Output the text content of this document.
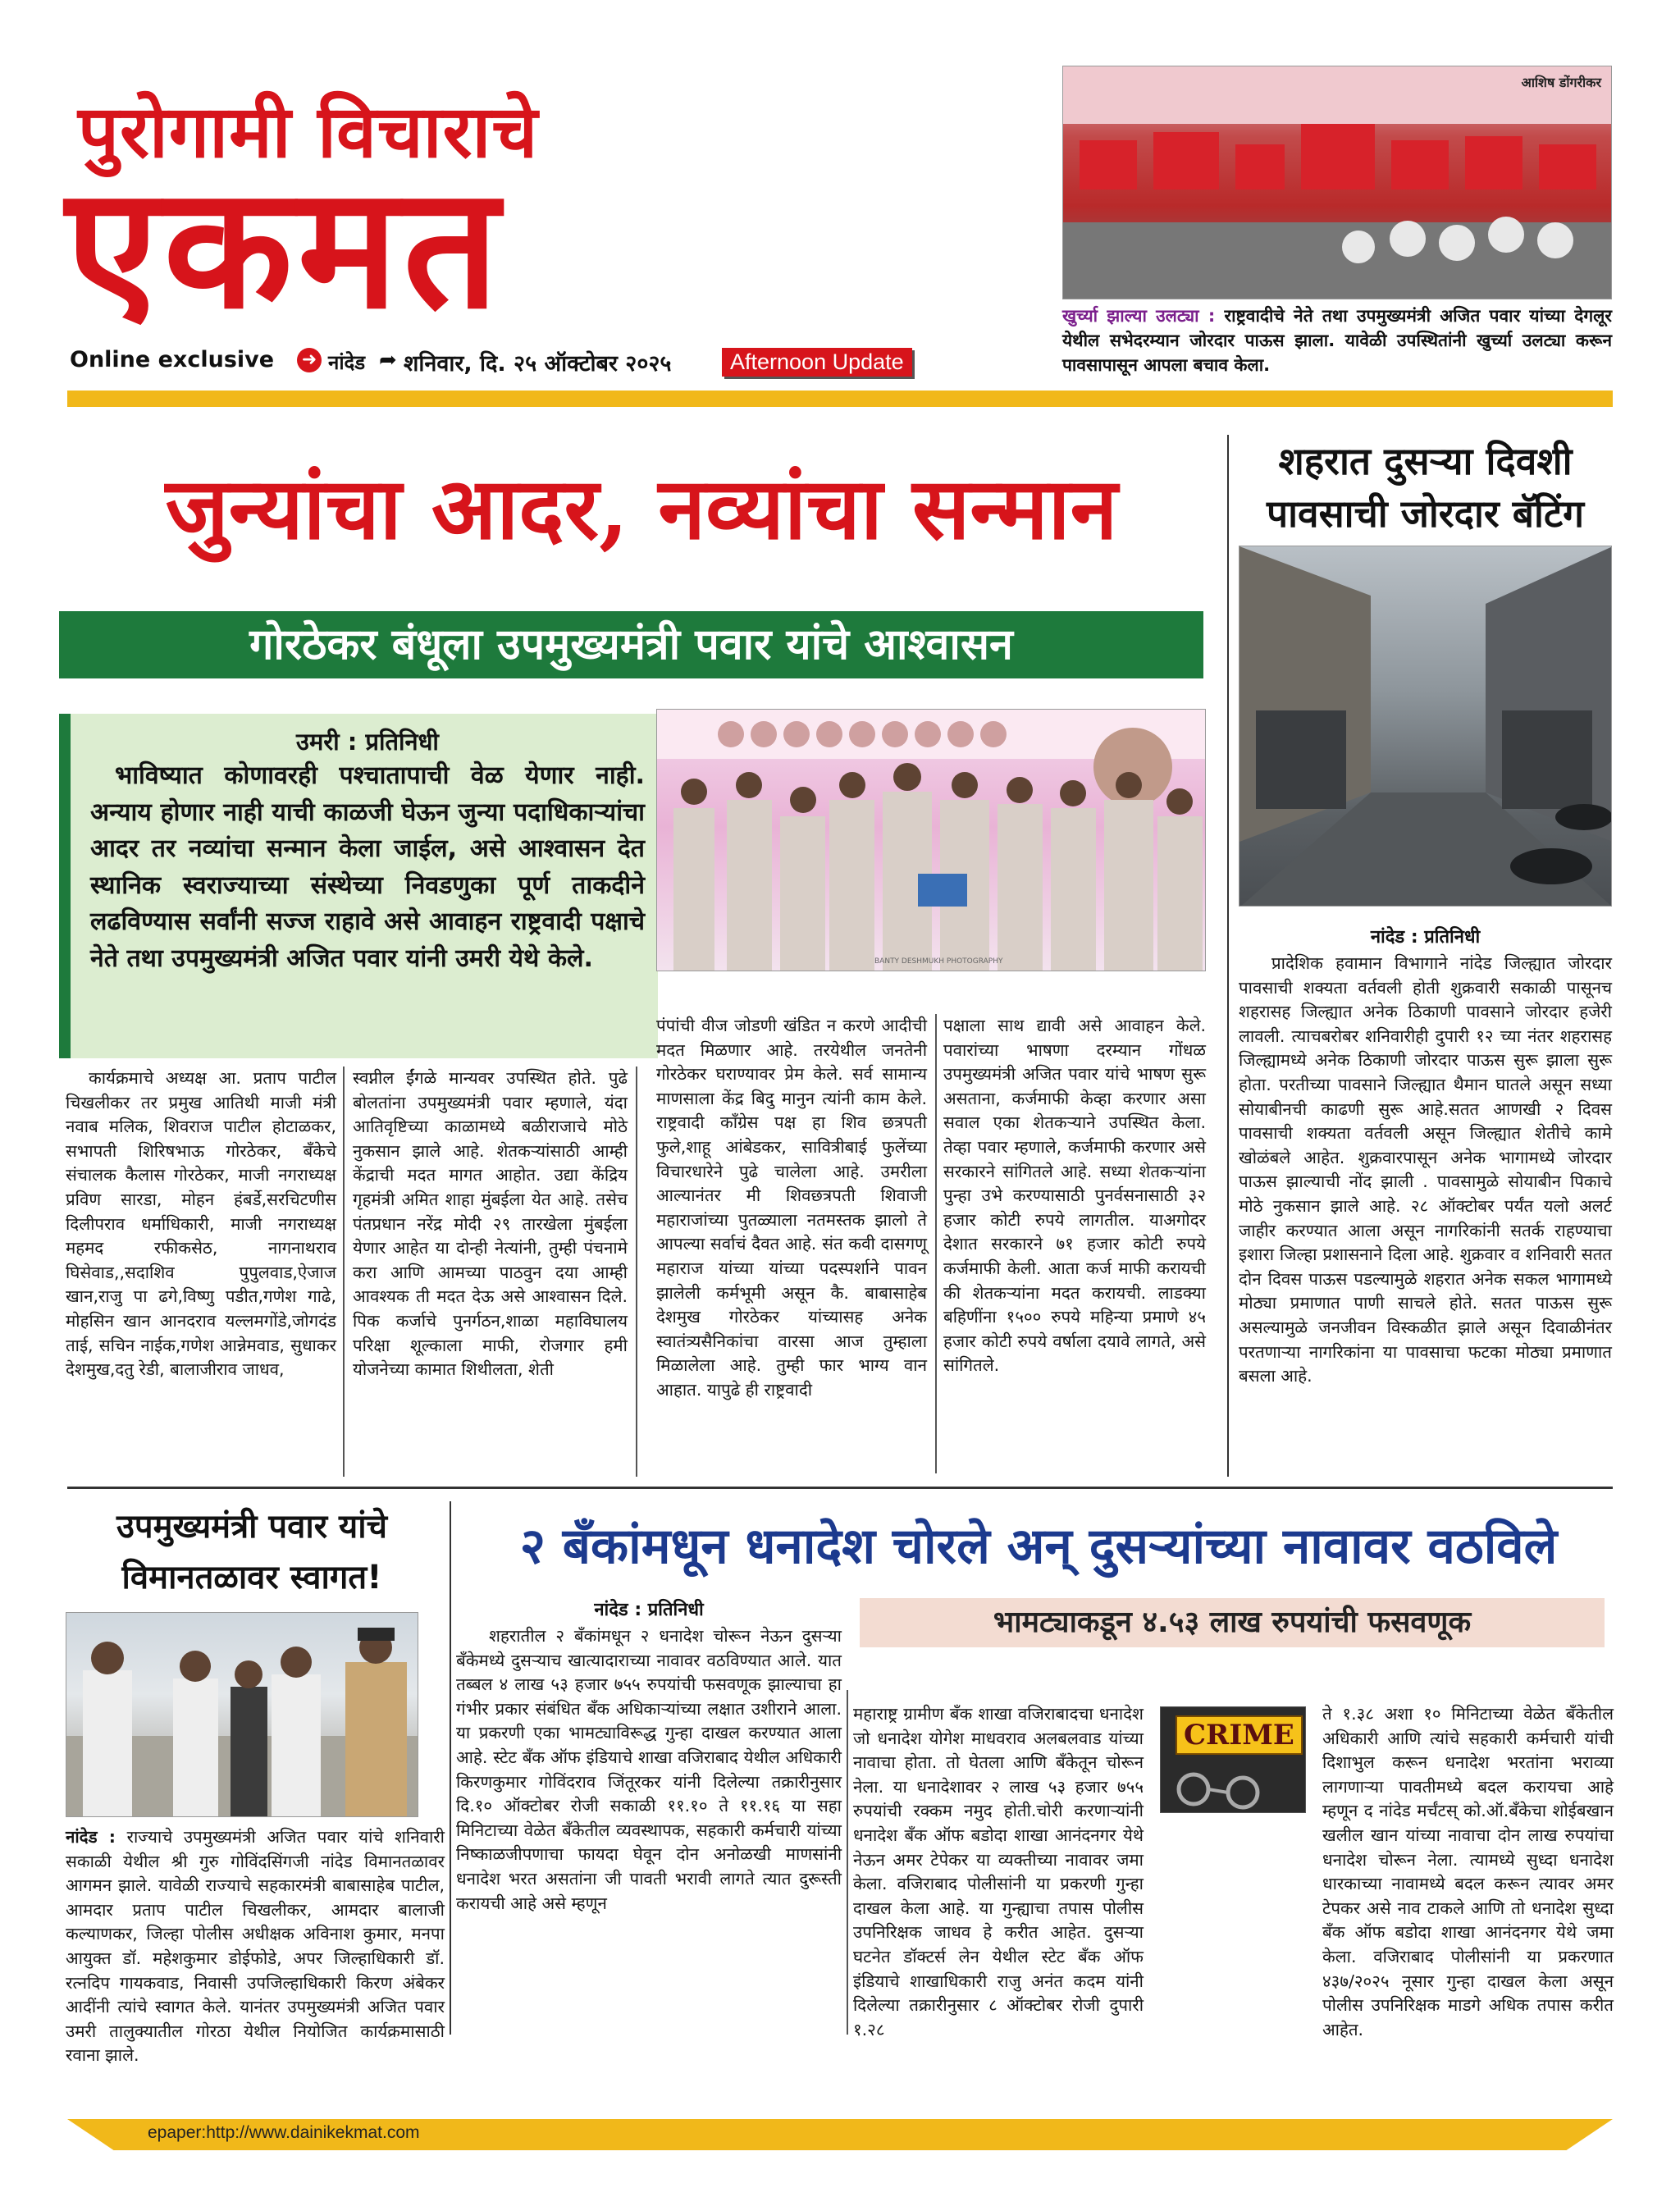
पुरोगामी विचाराचे
एकमत
Online exclusive ➜ नांदेड ➦ शनिवार, दि. २५ ऑक्टोबर २०२५	Afternoon Update
आशिष डोंगरीकर
खुर्च्या झाल्या उलट्या : राष्ट्रवादीचे नेते तथा उपमुख्यमंत्री अजित पवार यांच्या देगलूर येथील सभेदरम्यान जोरदार पाऊस झाला. यावेळी उपस्थितांनी खुर्च्या उलट्या करून पावसापासून आपला बचाव केला.
जुन्यांचा आदर, नव्यांचा सन्मान
गोरठेकर बंधूला उपमुख्यमंत्री पवार यांचे आश्वासन
उमरी : प्रतिनिधी
भाविष्यात कोणावरही पश्चातापाची वेळ येणार नाही. अन्याय होणार नाही याची काळजी घेऊन जुन्या पदाधिकाऱ्यांचा आदर तर नव्यांचा सन्मान केला जाईल, असे आश्वासन देत स्थानिक स्वराज्याच्या संस्थेच्या निवडणुका पूर्ण ताकदीने लढविण्यास सर्वांनी सज्ज राहावे असे आवाहन राष्ट्रवादी पक्षाचे नेते तथा उपमुख्यमंत्री अजित पवार यांनी उमरी येथे केले.	BANTY DESHMUKH PHOTOGRAPHY
कार्यक्रमाचे अध्यक्ष आ. प्रताप पाटील चिखलीकर तर प्रमुख आतिथी माजी मंत्री नवाब मलिक, शिवराज पाटील होटाळकर, सभापती शिरिषभाऊ गोरठेकर, बँकेचे संचालक कैलास गोरठेकर, माजी नगराध्यक्ष प्रविण सारडा, मोहन हंबर्डे,सरचिटणीस दिलीपराव धर्माधिकारी, माजी नगराध्यक्ष महमद रफीकसेठ, नागनाथराव घिसेवाड,,सदाशिव पुपुलवाड,ऐजाज खान,राजु पा ढगे,विष्णु पडीत,गणेश गाढे, मोहसिन खान आनदराव यल्लमगोंडे,जोगदंड ताई, सचिन नाईक,गणेश आन्नेमवाड, सुधाकर देशमुख,दतु रेडी, बालाजीराव जाधव,
स्वप्नील ईंगळे मान्यवर उपस्थित होते. पुढे बोलतांना उपमुख्यमंत्री पवार म्हणाले, यंदा आतिवृष्टिच्या काळामध्ये बळीराजाचे मोठे नुकसान झाले आहे. शेतकऱ्यांसाठी आम्ही केंद्राची मदत मागत आहोत. उद्या केंद्रिय गृहमंत्री अमित शाहा मुंबईला येत आहे. तसेच पंतप्रधान नरेंद्र मोदी २९ तारखेला मुंबईला येणार आहेत या दोन्ही नेत्यांनी, तुम्ही पंचनामे करा आणि आमच्या पाठवुन दया आम्ही आवश्यक ती मदत देऊ असे आश्वासन दिले. पिक कर्जाचे पुनर्गठन,शाळा महाविघालय परिक्षा शूल्काला माफी, रोजगार हमी योजनेच्या कामात शिथीलता, शेती
पंपांची वीज जोडणी खंडित न करणे आदीची मदत मिळणार आहे. तरयेथील जनतेनी गोरठेकर घराण्यावर प्रेम केले. सर्व सामान्य माणसाला केंद्र बिदु मानुन त्यांनी काम केले. राष्ट्रवादी कॉंग्रेस पक्ष हा शिव छत्रपती फुले,शाहू आंबेडकर, सावित्रीबाई फुलेंच्या विचारधारेने पुढे चालेला आहे. उमरीला आल्यानंतर मी शिवछत्रपती शिवाजी महाराजांच्या पुतळ्याला नतमस्तक झालो ते आपल्या सर्वाचं दैवत आहे. संत कवी दासगणू महाराज यांच्या यांच्या पदस्पर्शाने पावन झालेली कर्मभूमी असून कै. बाबासाहेब देशमुख गोरठेकर यांच्यासह अनेक स्वातंत्र्यसैनिकांचा वारसा आज तुम्हाला मिळालेला आहे. तुम्ही फार भाग्य वान आहात. यापुढे ही राष्ट्रवादी
पक्षाला साथ द्यावी असे आवाहन केले. पवारांच्या भाषणा दरम्यान गोंधळ उपमुख्यमंत्री अजित पवार यांचे भाषण सुरू असताना, कर्जमाफी केव्हा करणार असा सवाल एका शेतकऱ्याने उपस्थित केला. तेव्हा पवार म्हणाले, कर्जमाफी करणार असे सरकारने सांगितले आहे. सध्या शेतकऱ्यांना पुन्हा उभे करण्यासाठी पुनर्वसनासाठी ३२ हजार कोटी रुपये लागतील. याअगोदर देशात सरकारने ७१ हजार कोटी रुपये कर्जमाफी केली. आता कर्ज माफी करायची की शेतकऱ्यांना मदत करायची. लाडक्या बहिणींना १५०० रुपये महिन्या प्रमाणे ४५ हजार कोटी रुपये वर्षाला दयावे लागते, असे सांगितले.
शहरात दुसऱ्या दिवशी
पावसाची जोरदार बॅटिंग
नांदेड : प्रतिनिधी
प्रादेशिक हवामान विभागाने नांदेड जिल्ह्यात जोरदार पावसाची शक्यता वर्तवली होती शुक्रवारी सकाळी पासूनच शहरासह जिल्ह्यात अनेक ठिकाणी पावसाने जोरदार हजेरी लावली. त्याचबरोबर शनिवारीही दुपारी १२ च्या नंतर शहरासह जिल्ह्यामध्ये अनेक ठिकाणी जोरदार पाऊस सुरू झाला सुरू होता. परतीच्या पावसाने जिल्ह्यात थैमान घातले असून सध्या सोयाबीनची काढणी सुरू आहे.सतत आणखी २ दिवस पावसाची शक्यता वर्तवली असून जिल्ह्यात शेतीचे कामे खोळंबले आहेत. शुक्रवारपासून अनेक भागामध्ये जोरदार पाऊस झाल्याची नोंद झाली . पावसामुळे सोयाबीन पिकाचे मोठे नुकसान झाले आहे. २८ ऑक्टोबर पर्यंत यलो अलर्ट जाहीर करण्यात आला असून नागरिकांनी सतर्क राहण्याचा इशारा जिल्हा प्रशासनाने दिला आहे. शुक्रवार व शनिवारी सतत दोन दिवस पाऊस पडल्यामुळे शहरात अनेक सकल भागामध्ये मोठ्या प्रमाणात पाणी साचले होते. सतत पाऊस सुरू असल्यामुळे जनजीवन विस्कळीत झाले असून दिवाळीनंतर परतणाऱ्या नागरिकांना या पावसाचा फटका मोठ्या प्रमाणात बसला आहे.
उपमुख्यमंत्री पवार यांचे
विमानतळावर स्वागत!
नांदेड : राज्याचे उपमुख्यमंत्री अजित पवार यांचे शनिवारी सकाळी येथील श्री गुरु गोविंदसिंगजी नांदेड विमानतळावर आगमन झाले. यावेळी राज्याचे सहकारमंत्री बाबासाहेब पाटील, आमदार प्रताप पाटील चिखलीकर, आमदार बालाजी कल्याणकर, जिल्हा पोलीस अधीक्षक अविनाश कुमार, मनपा आयुक्त डॉ. महेशकुमार डोईफोडे, अपर जिल्हाधिकारी डॉ. रत्नदिप गायकवाड, निवासी उपजिल्हाधिकारी किरण अंबेकर आदींनी त्यांचे स्वागत केले. यानंतर उपमुख्यमंत्री अजित पवार उमरी तालुक्यातील गोरठा येथील नियोजित कार्यक्रमासाठी रवाना झाले.
२ बॅंकांमधून धनादेश चोरले अन् दुसऱ्यांच्या नावावर वठविले
नांदेड : प्रतिनिधी	भामट्याकडून ४.५३ लाख रुपयांची फसवणूक
शहरातील २ बँकांमधून २ धनादेश चोरून नेऊन दुसऱ्या बँकेमध्ये दुसऱ्याच खात्यादाराच्या नावावर वठविण्यात आले. यात तब्बल ४ लाख ५३ हजार ७५५ रुपयांची फसवणूक झाल्याचा हा गंभीर प्रकार संबंधित बँक अधिकाऱ्यांच्या लक्षात उशीराने आला. या प्रकरणी एका भामट्याविरूद्ध गुन्हा दाखल करण्यात आला आहे. स्टेट बँक ऑफ इंडियाचे शाखा वजिराबाद येथील अधिकारी किरणकुमार गोविंदराव जिंतूरकर यांनी दिलेल्या तक्रारीनुसार दि.१० ऑक्टोबर रोजी सकाळी ११.१० ते ११.१६ या सहा मिनिटाच्या वेळेत बँकेतील व्यवस्थापक, सहकारी कर्मचारी यांच्या निष्काळजीपणाचा फायदा घेवून दोन अनोळखी माणसांनी धनादेश भरत असतांना जी पावती भरावी लागते त्यात दुरूस्ती करायची आहे असे म्हणून
महाराष्ट्र ग्रामीण बँक शाखा वजिराबादचा धनादेश जो धनादेश योगेश माधवराव अलबलवाड यांच्या नावाचा होता. तो घेतला आणि बँकेतून चोरून नेला. या धनादेशावर २ लाख ५३ हजार ७५५ रुपयांची रक्कम नमुद होती.चोरी करणाऱ्यांनी धनादेश बँक ऑफ बडोदा शाखा आनंदनगर येथे नेऊन अमर टेपेकर या व्यक्तीच्या नावावर जमा केला. वजिराबाद पोलीसांनी या प्रकरणी गुन्हा दाखल केला आहे. या गुन्ह्याचा तपास पोलीस उपनिरिक्षक जाधव हे करीत आहेत. दुसऱ्या घटनेत डॉक्टर्स लेन येथील स्टेट बँक ऑफ इंडियाचे शाखाधिकारी राजु अनंत कदम यांनी दिलेल्या तक्रारीनुसार ८ ऑक्टोबर रोजी दुपारी १.२८
CRIME
ते १.३८ अशा १० मिनिटाच्या वेळेत बँकेतील अधिकारी आणि त्यांचे सहकारी कर्मचारी यांची दिशाभुल करून धनादेश भरतांना भराव्या लागणाऱ्या पावतीमध्ये बदल करायचा आहे म्हणून द नांदेड मर्चंटस्‌ को.ऑ.बँकेचा शोईबखान खलील खान यांच्या नावाचा दोन लाख रुपयांचा धनादेश चोरून नेला. त्यामध्ये सुध्दा धनादेश धारकाच्या नावामध्ये बदल करून त्यावर अमर टेपकर असे नाव टाकले आणि तो धनादेश सुध्दा बँक ऑफ बडोदा शाखा आनंदनगर येथे जमा केला. वजिराबाद पोलीसांनी या प्रकरणात ४३७/२०२५ नूसार गुन्हा दाखल केला असून पोलीस उपनिरिक्षक माडगे अधिक तपास करीत आहेत.
epaper:http://www.dainikekmat.com
